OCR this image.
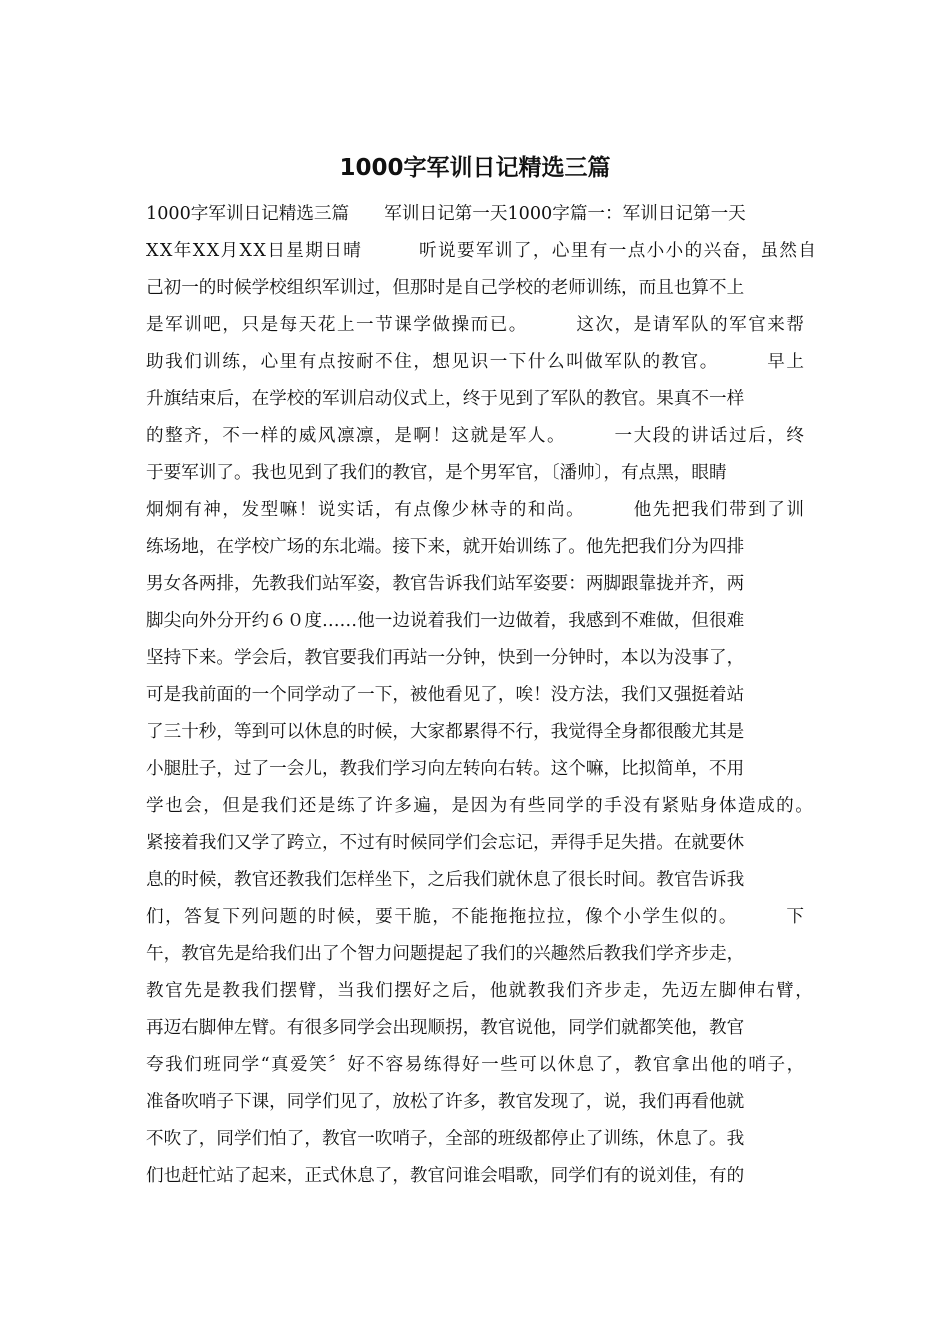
1000字军训日记精选三篇
1000字军训日记精选三篇　　军训日记第一天1000字篇一：军训日记第一天
XX年XX月XX日星期日晴　　　听说要军训了，心里有一点小小的兴奋，虽然自
己初一的时候学校组织军训过，但那时是自己学校的老师训练，而且也算不上
是军训吧，只是每天花上一节课学做操而已。　　　这次，是请军队的军官来帮
助我们训练，心里有点按耐不住，想见识一下什么叫做军队的教官。　　　早上
升旗结束后，在学校的军训启动仪式上，终于见到了军队的教官。果真不一样
的整齐，不一样的威风凛凛，是啊！这就是军人。　　　一大段的讲话过后，终
于要军训了。我也见到了我们的教官，是个男军官，〔潘帅〕，有点黑，眼睛
炯炯有神，发型嘛！说实话，有点像少林寺的和尚。　　　他先把我们带到了训
练场地，在学校广场的东北端。接下来，就开始训练了。他先把我们分为四排
男女各两排，先教我们站军姿，教官告诉我们站军姿要：两脚跟靠拢并齐，两
脚尖向外分开约６０度……他一边说着我们一边做着，我感到不难做，但很难
坚持下来。学会后，教官要我们再站一分钟，快到一分钟时，本以为没事了，
可是我前面的一个同学动了一下，被他看见了，唉！没方法，我们又强挺着站
了三十秒，等到可以休息的时候，大家都累得不行，我觉得全身都很酸尤其是
小腿肚子，过了一会儿，教我们学习向左转向右转。这个嘛，比拟简单，不用
学也会，但是我们还是练了许多遍，是因为有些同学的手没有紧贴身体造成的。
紧接着我们又学了跨立，不过有时候同学们会忘记，弄得手足失措。在就要休
息的时候，教官还教我们怎样坐下，之后我们就休息了很长时间。教官告诉我
们，答复下列问题的时候，要干脆，不能拖拖拉拉，像个小学生似的。　　　下
午，教官先是给我们出了个智力问题提起了我们的兴趣然后教我们学齐步走，
教官先是教我们摆臂，当我们摆好之后，他就教我们齐步走，先迈左脚伸右臂，
再迈右脚伸左臂。有很多同学会出现顺拐，教官说他，同学们就都笑他，教官
夸我们班同学“真爱笑〞好不容易练得好一些可以休息了，教官拿出他的哨子，
准备吹哨子下课，同学们见了，放松了许多，教官发现了，说，我们再看他就
不吹了，同学们怕了，教官一吹哨子，全部的班级都停止了训练，休息了。我
们也赶忙站了起来，正式休息了，教官问谁会唱歌，同学们有的说刘佳，有的
